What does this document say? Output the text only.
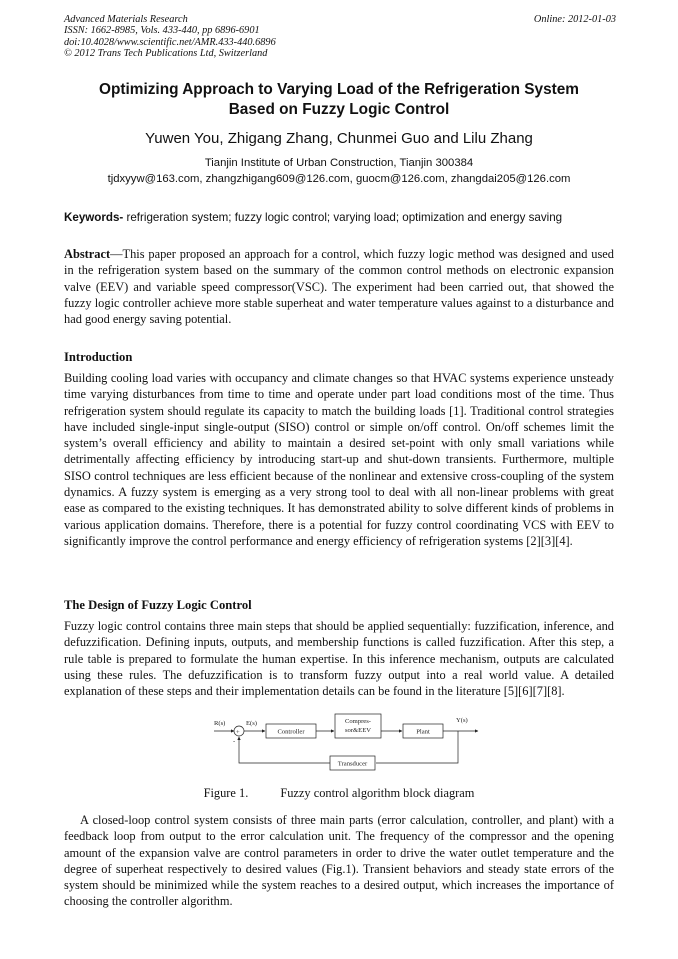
Advanced Materials Research
ISSN: 1662-8985, Vols. 433-440, pp 6896-6901
doi:10.4028/www.scientific.net/AMR.433-440.6896
© 2012 Trans Tech Publications Ltd, Switzerland
Online: 2012-01-03
Optimizing Approach to Varying Load of the Refrigeration System
Based on Fuzzy Logic Control
Yuwen You, Zhigang Zhang, Chunmei Guo and Lilu Zhang
Tianjin Institute of Urban Construction, Tianjin 300384
tjdxyyw@163.com, zhangzhigang609@126.com, guocm@126.com, zhangdai205@126.com
Keywords- refrigeration system; fuzzy logic control; varying load; optimization and energy saving
Abstract—This paper proposed an approach for a control, which fuzzy logic method was designed and used in the refrigeration system based on the summary of the common control methods on electronic expansion valve (EEV) and variable speed compressor(VSC). The experiment had been carried out, that showed the fuzzy logic controller achieve more stable superheat and water temperature values against to a disturbance and had good energy saving potential.
Introduction
Building cooling load varies with occupancy and climate changes so that HVAC systems experience unsteady time varying disturbances from time to time and operate under part load conditions most of the time. Thus refrigeration system should regulate its capacity to match the building loads [1]. Traditional control strategies have included single-input single-output (SISO) control or simple on/off control. On/off schemes limit the system’s overall efficiency and ability to maintain a desired set-point with only small variations while detrimentally affecting efficiency by introducing start-up and shut-down transients. Furthermore, multiple SISO control techniques are less efficient because of the nonlinear and extensive cross-coupling of the system dynamics. A fuzzy system is emerging as a very strong tool to deal with all non-linear problems with great ease as compared to the existing techniques. It has demonstrated ability to solve different kinds of problems in various application domains. Therefore, there is a potential for fuzzy control coordinating VCS with EEV to significantly improve the control performance and energy efficiency of refrigeration systems [2][3][4].
The Design of Fuzzy Logic Control
Fuzzy logic control contains three main steps that should be applied sequentially: fuzzification, inference, and defuzzification. Defining inputs, outputs, and membership functions is called fuzzification. After this step, a rule table is prepared to formulate the human expertise. In this inference mechanism, outputs are calculated using these rules. The defuzzification is to transform fuzzy output into a real world value. A detailed explanation of these steps and their implementation details can be found in the literature [5][6][7][8].
R(s)	E(s)
+
-
Controller
Compres-
sor&EEV	Plant
Y(s)
Transducer
Figure 1.	Fuzzy control algorithm block diagram
A closed-loop control system consists of three main parts (error calculation, controller, and plant) with a feedback loop from output to the error calculation unit. The frequency of the compressor and the opening amount of the expansion valve are control parameters in order to drive the water outlet temperature and the degree of superheat respectively to desired values (Fig.1). Transient behaviors and steady state errors of the system should be minimized while the system reaches to a desired output, which increases the importance of choosing the controller algorithm.
